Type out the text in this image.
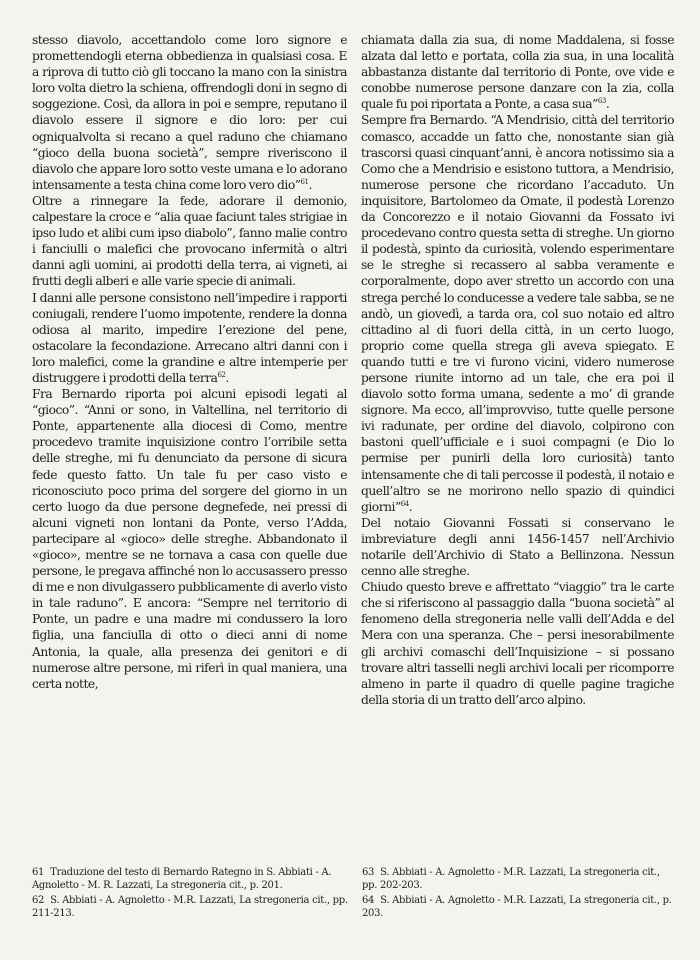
stesso diavolo, accettandolo come loro signore e promettendogli eterna obbedienza in qualsiasi cosa. E a riprova di tutto ciò gli toccano la mano con la sinistra loro volta dietro la schiena, offrendogli doni in segno di soggezione. Così, da allora in poi e sempre, reputano il diavolo essere il signore e dio loro: per cui ogniqualvolta si recano a quel raduno che chiamano “gioco della buona società”, sempre riveriscono il diavolo che appare loro sotto veste umana e lo adorano intensamente a testa china come loro vero dio”$^{61}$.

Oltre a rinnegare la fede, adorare il demonio, calpestare la croce e “alia quae faciunt tales strigiae in ipso ludo et alibi cum ipso diabolo”, fanno malie contro i fanciulli o malefici che provocano infermità o altri danni agli uomini, ai prodotti della terra, ai vigneti, ai frutti degli alberi e alle varie specie di animali.

I danni alle persone consistono nell’impedire i rapporti coniugali, rendere l’uomo impotente, rendere la donna odiosa al marito, impedire l’erezione del pene, ostacolare la fecondazione. Arrecano altri danni con i loro malefici, come la grandine e altre intemperie per distruggere i prodotti della terra$^{62}$.

Fra Bernardo riporta poi alcuni episodi legati al “gioco”. “Anni or sono, in Valtellina, nel territorio di Ponte, appartenente alla diocesi di Como, mentre procedevo tramite inquisizione contro l’orribile setta delle streghe, mi fu denunciato da persone di sicura fede questo fatto. Un tale fu per caso visto e riconosciuto poco prima del sorgere del giorno in un certo luogo da due persone degnefede, nei pressi di alcuni vigneti non lontani da Ponte, verso l’Adda, partecipare al «gioco» delle streghe. Abbandonato il «gioco», mentre se ne tornava a casa con quelle due persone, le pregava affinché non lo accusassero presso di me e non divulgassero pubblicamente di averlo visto in tale raduno”. E ancora: “Sempre nel territorio di Ponte, un padre e una madre mi condussero la loro figlia, una fanciulla di otto o dieci anni di nome Antonia, la quale, alla presenza dei genitori e di numerose altre persone, mi riferì in qual maniera, una certa notte,

chiamata dalla zia sua, di nome Maddalena, si fosse alzata dal letto e portata, colla zia sua, in una località abbastanza distante dal territorio di Ponte, ove vide e conobbe numerose persone danzare con la zia, colla quale fu poi riportata a Ponte, a casa sua”$^{63}$.

Sempre fra Bernardo. “A Mendrisio, città del territorio comasco, accadde un fatto che, nonostante sian già trascorsi quasi cinquant’anni, è ancora notissimo sia a Como che a Mendrisio e esistono tuttora, a Mendrisio, numerose persone che ricordano l’accaduto. Un inquisitore, Bartolomeo da Omate, il podestà Lorenzo da Concorezzo e il notaio Giovanni da Fossato ivi procedevano contro questa setta di streghe. Un giorno il podestà, spinto da curiosità, volendo esperimentare se le streghe si recassero al sabba veramente e corporalmente, dopo aver stretto un accordo con una strega perché lo conducesse a vedere tale sabba, se ne andò, un giovedì, a tarda ora, col suo notaio ed altro cittadino al di fuori della città, in un certo luogo, proprio come quella strega gli aveva spiegato. E quando tutti e tre vi furono vicini, videro numerose persone riunite intorno ad un tale, che era poi il diavolo sotto forma umana, sedente a mo’ di grande signore. Ma ecco, all’improvviso, tutte quelle persone ivi radunate, per ordine del diavolo, colpirono con bastoni quell’ufficiale e i suoi compagni (e Dio lo permise per punirli della loro curiosità) tanto intensamente che di tali percosse il podestà, il notaio e quell’altro se ne morirono nello spazio di quindici giorni”$^{64}$.

Del notaio Giovanni Fossati si conservano le imbreviature degli anni 1456-1457 nell’Archivio notarile dell’Archivio di Stato a Bellinzona. Nessun cenno alle streghe.

Chiudo questo breve e affrettato “viaggio” tra le carte che si riferiscono al passaggio dalla “buona società” al fenomeno della stregoneria nelle valli dell’Adda e del Mera con una speranza. Che – persi inesorabilmente gli archivi comaschi dell’Inquisizione – si possano trovare altri tasselli negli archivi locali per ricomporre almeno in parte il quadro di quelle pagine tragiche della storia di un tratto dell’arco alpino.

61 Traduzione del testo di Bernardo Rategno in S. Abbiati - A. Agnoletto - M. R. Lazzati, La stregoneria cit., p. 201.

62 S. Abbiati - A. Agnoletto - M.R. Lazzati, La stregoneria cit., pp. 211-213.

63 S. Abbiati - A. Agnoletto - M.R. Lazzati, La stregoneria cit., pp. 202-203.

64 S. Abbiati - A. Agnoletto - M.R. Lazzati, La stregoneria cit., p. 203.
